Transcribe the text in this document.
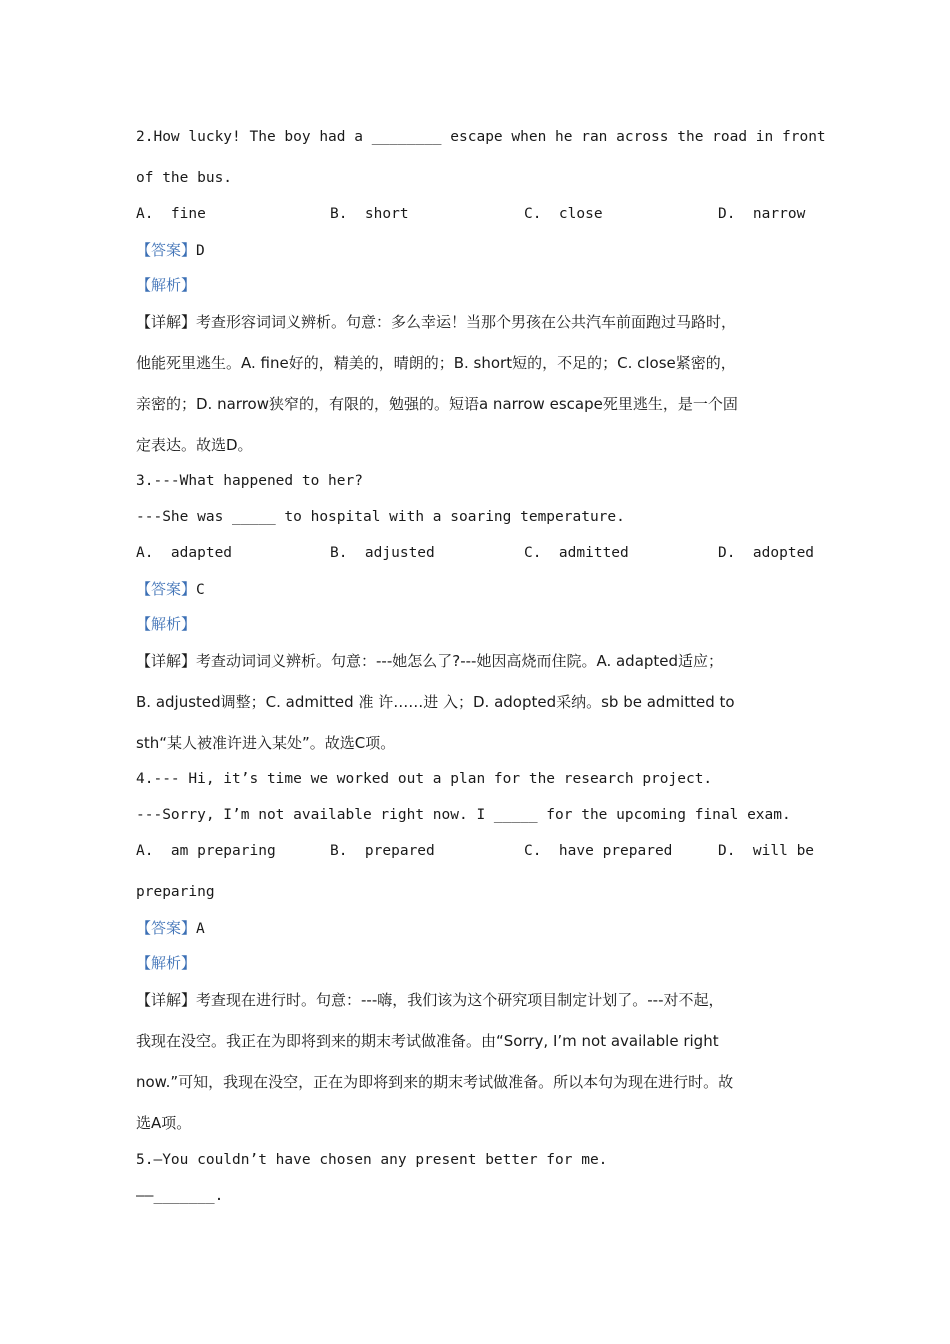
2.How lucky! The boy had a ________ escape when he ran across the road in front
of the bus.
A.  fine	B.  short	C.  close	D.  narrow
【答案】D
【解析】
【详解】考查形容词词义辨析。句意：多么幸运！当那个男孩在公共汽车前面跑过马路时，
他能死里逃生。A. fine好的，精美的，晴朗的；B. short短的，不足的；C. close紧密的，
亲密的；D. narrow狭窄的，有限的，勉强的。短语a narrow escape死里逃生，是一个固
定表达。故选D。
3.---What happened to her?
---She was _____ to hospital with a soaring temperature.
A.  adapted	B.  adjusted	C.  admitted	D.  adopted
【答案】C
【解析】
【详解】考查动词词义辨析。句意：---她怎么了?---她因高烧而住院。A. adapted适应；
B. adjusted调整；C. admitted 准 许……进 入；D. adopted采纳。sb be admitted to
sth“某人被准许进入某处”。故选C项。
4.--- Hi, it’s time we worked out a plan for the research project.
---Sorry, I’m not available right now. I _____ for the upcoming final exam.
A.  am preparing	B.  prepared	C.  have prepared	D.  will be
preparing
【答案】A
【解析】
【详解】考查现在进行时。句意：---嗨，我们该为这个研究项目制定计划了。---对不起，
我现在没空。我正在为即将到来的期末考试做准备。由“Sorry, I’m not available right
now.”可知，我现在没空，正在为即将到来的期末考试做准备。所以本句为现在进行时。故
选A项。
5.—You couldn’t have chosen any present better for me.
——_______.
